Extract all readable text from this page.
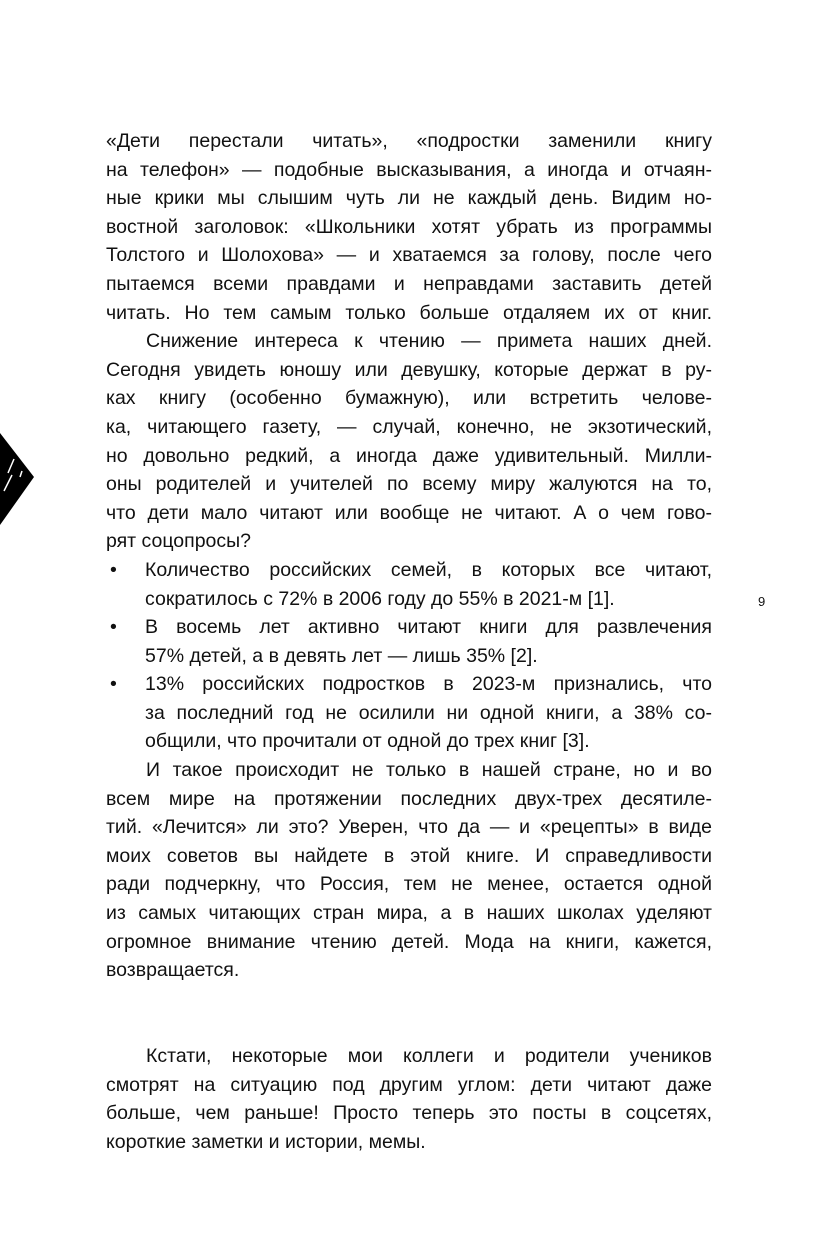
«Дети перестали читать», «подростки заменили книгу
на телефон» — подобные высказывания, а иногда и отчаян-
ные крики мы слышим чуть ли не каждый день. Видим но-
востной заголовок: «Школьники хотят убрать из программы
Толстого и Шолохова» — и хватаемся за голову, после чего
пытаемся всеми правдами и неправдами заставить детей
читать. Но тем самым только больше отдаляем их от книг.
Снижение интереса к чтению — примета наших дней.
Сегодня увидеть юношу или девушку, которые держат в ру-
ках книгу (особенно бумажную), или встретить челове-
ка, читающего газету, — случай, конечно, не экзотический,
но довольно редкий, а иногда даже удивительный. Милли-
оны родителей и учителей по всему миру жалуются на то,
что дети мало читают или вообще не читают. А о чем гово-
рят соцопросы?
• Количество российских семей, в которых все читают,
сократилось с 72% в 2006 году до 55% в 2021-м [1].
• В восемь лет активно читают книги для развлечения
57% детей, а в девять лет — лишь 35% [2].
• 13% российских подростков в 2023-м признались, что
за последний год не осилили ни одной книги, а 38% со-
общили, что прочитали от одной до трех книг [3].
И такое происходит не только в нашей стране, но и во
всем мире на протяжении последних двух-трех десятиле-
тий. «Лечится» ли это? Уверен, что да — и «рецепты» в виде
моих советов вы найдете в этой книге. И справедливости
ради подчеркну, что Россия, тем не менее, остается одной
из самых читающих стран мира, а в наших школах уделяют
огромное внимание чтению детей. Мода на книги, кажется,
возвращается.
Кстати, некоторые мои коллеги и родители учеников
смотрят на ситуацию под другим углом: дети читают даже
больше, чем раньше! Просто теперь это посты в соцсетях,
короткие заметки и истории, мемы.
9
